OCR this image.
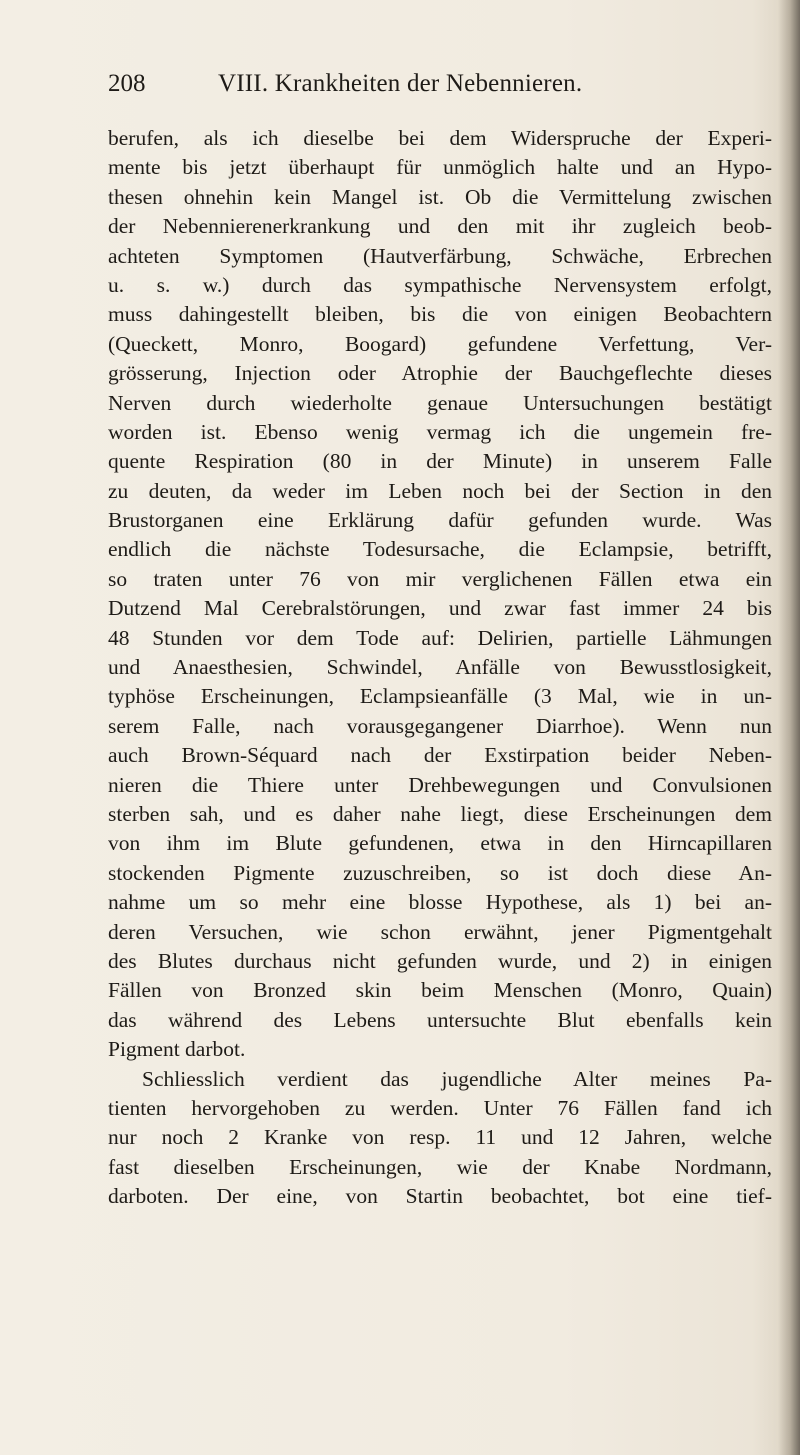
208	VIII. Krankheiten der Nebennieren.
berufen, als ich dieselbe bei dem Widerspruche der Experi-
mente bis jetzt überhaupt für unmöglich halte und an Hypo-
thesen ohnehin kein Mangel ist. Ob die Vermittelung zwischen
der Nebennierenerkrankung und den mit ihr zugleich beob-
achteten Symptomen (Hautverfärbung, Schwäche, Erbrechen
u. s. w.) durch das sympathische Nervensystem erfolgt,
muss dahingestellt bleiben, bis die von einigen Beobachtern
(Queckett, Monro, Boogard) gefundene Verfettung, Ver-
grösserung, Injection oder Atrophie der Bauchgeflechte dieses
Nerven durch wiederholte genaue Untersuchungen bestätigt
worden ist. Ebenso wenig vermag ich die ungemein fre-
quente Respiration (80 in der Minute) in unserem Falle
zu deuten, da weder im Leben noch bei der Section in den
Brustorganen eine Erklärung dafür gefunden wurde. Was
endlich die nächste Todesursache, die Eclampsie, betrifft,
so traten unter 76 von mir verglichenen Fällen etwa ein
Dutzend Mal Cerebralstörungen, und zwar fast immer 24 bis
48 Stunden vor dem Tode auf: Delirien, partielle Lähmungen
und Anaesthesien, Schwindel, Anfälle von Bewusstlosigkeit,
typhöse Erscheinungen, Eclampsieanfälle (3 Mal, wie in un-
serem Falle, nach vorausgegangener Diarrhoe). Wenn nun
auch Brown-Séquard nach der Exstirpation beider Neben-
nieren die Thiere unter Drehbewegungen und Convulsionen
sterben sah, und es daher nahe liegt, diese Erscheinungen dem
von ihm im Blute gefundenen, etwa in den Hirncapillaren
stockenden Pigmente zuzuschreiben, so ist doch diese An-
nahme um so mehr eine blosse Hypothese, als 1) bei an-
deren Versuchen, wie schon erwähnt, jener Pigmentgehalt
des Blutes durchaus nicht gefunden wurde, und 2) in einigen
Fällen von Bronzed skin beim Menschen (Monro, Quain)
das während des Lebens untersuchte Blut ebenfalls kein
Pigment darbot.
Schliesslich verdient das jugendliche Alter meines Pa-
tienten hervorgehoben zu werden. Unter 76 Fällen fand ich
nur noch 2 Kranke von resp. 11 und 12 Jahren, welche
fast dieselben Erscheinungen, wie der Knabe Nordmann,
darboten. Der eine, von Startin beobachtet, bot eine tief-
